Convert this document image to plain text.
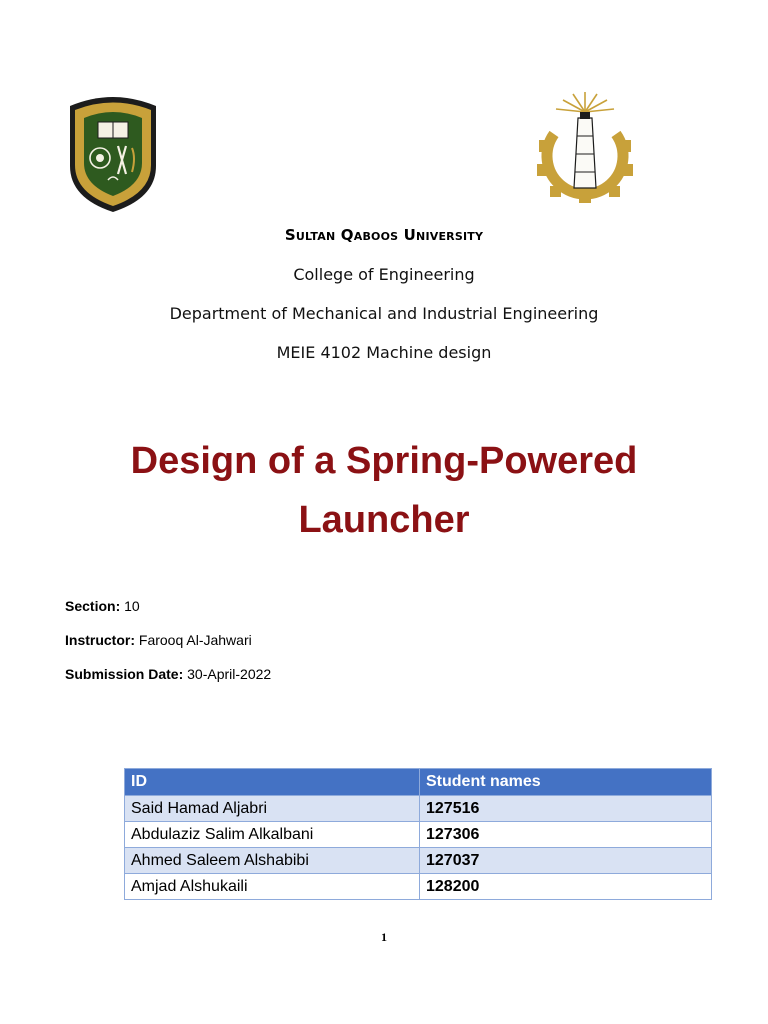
Sultan Qaboos University
College of Engineering
Department of Mechanical and Industrial Engineering
MEIE 4102 Machine design
Design of a Spring-Powered
Launcher
Section: 10
Instructor: Farooq Al-Jahwari
Submission Date: 30-April-2022
ID	Student names
Said Hamad Aljabri	127516
Abdulaziz Salim Alkalbani	127306
Ahmed Saleem Alshabibi	127037
Amjad Alshukaili	128200
1
